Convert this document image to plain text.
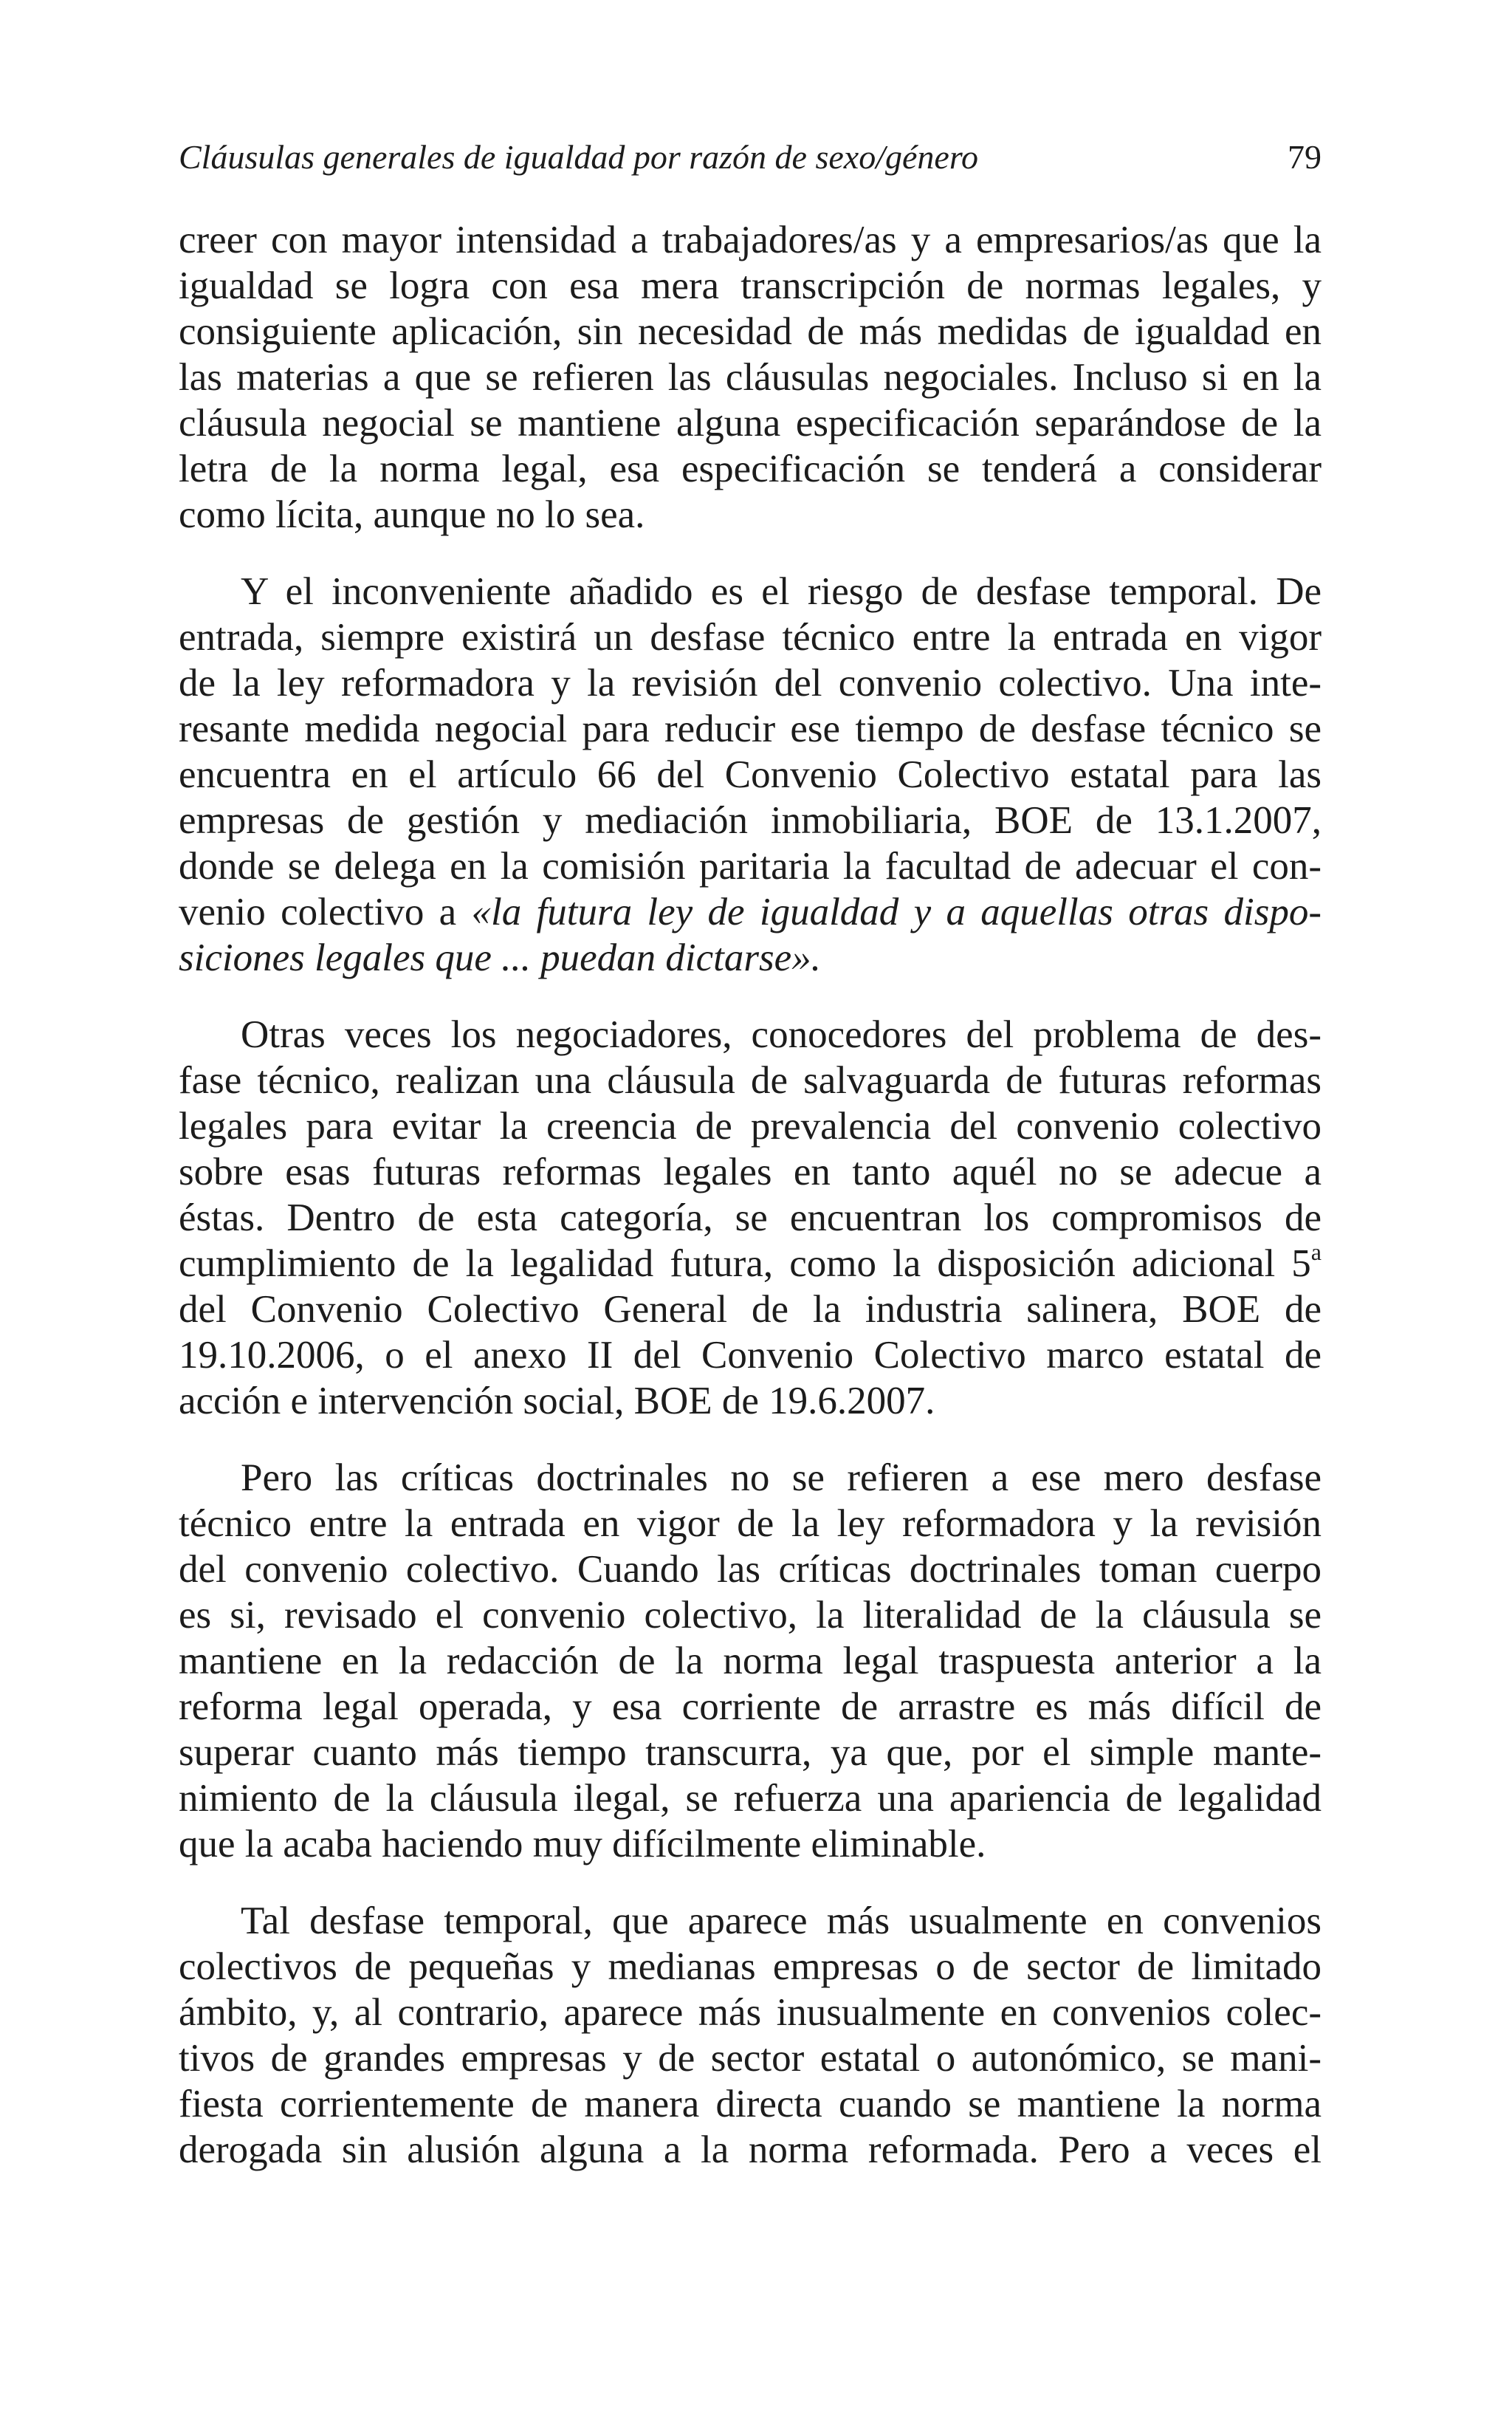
Cláusulas generales de igualdad por razón de sexo/género	79
creer con mayor intensidad a trabajadores/as y a empresarios/as que la
igualdad se logra con esa mera transcripción de normas legales, y
consiguiente aplicación, sin necesidad de más medidas de igualdad en
las materias a que se refieren las cláusulas negociales. Incluso si en la
cláusula negocial se mantiene alguna especificación separándose de la
letra de la norma legal, esa especificación se tenderá a considerar
como lícita, aunque no lo sea.
Y el inconveniente añadido es el riesgo de desfase temporal. De
entrada, siempre existirá un desfase técnico entre la entrada en vigor
de la ley reformadora y la revisión del convenio colectivo. Una inte-
resante medida negocial para reducir ese tiempo de desfase técnico se
encuentra en el artículo 66 del Convenio Colectivo estatal para las
empresas de gestión y mediación inmobiliaria, BOE de 13.1.2007,
donde se delega en la comisión paritaria la facultad de adecuar el con-
venio colectivo a «la futura ley de igualdad y a aquellas otras dispo-
siciones legales que ... puedan dictarse».
Otras veces los negociadores, conocedores del problema de des-
fase técnico, realizan una cláusula de salvaguarda de futuras reformas
legales para evitar la creencia de prevalencia del convenio colectivo
sobre esas futuras reformas legales en tanto aquél no se adecue a
éstas. Dentro de esta categoría, se encuentran los compromisos de
cumplimiento de la legalidad futura, como la disposición adicional 5$^a$
del Convenio Colectivo General de la industria salinera, BOE de
19.10.2006, o el anexo II del Convenio Colectivo marco estatal de
acción e intervención social, BOE de 19.6.2007.
Pero las críticas doctrinales no se refieren a ese mero desfase
técnico entre la entrada en vigor de la ley reformadora y la revisión
del convenio colectivo. Cuando las críticas doctrinales toman cuerpo
es si, revisado el convenio colectivo, la literalidad de la cláusula se
mantiene en la redacción de la norma legal traspuesta anterior a la
reforma legal operada, y esa corriente de arrastre es más difícil de
superar cuanto más tiempo transcurra, ya que, por el simple mante-
nimiento de la cláusula ilegal, se refuerza una apariencia de legalidad
que la acaba haciendo muy difícilmente eliminable.
Tal desfase temporal, que aparece más usualmente en convenios
colectivos de pequeñas y medianas empresas o de sector de limitado
ámbito, y, al contrario, aparece más inusualmente en convenios colec-
tivos de grandes empresas y de sector estatal o autonómico, se mani-
fiesta corrientemente de manera directa cuando se mantiene la norma
derogada sin alusión alguna a la norma reformada. Pero a veces el
